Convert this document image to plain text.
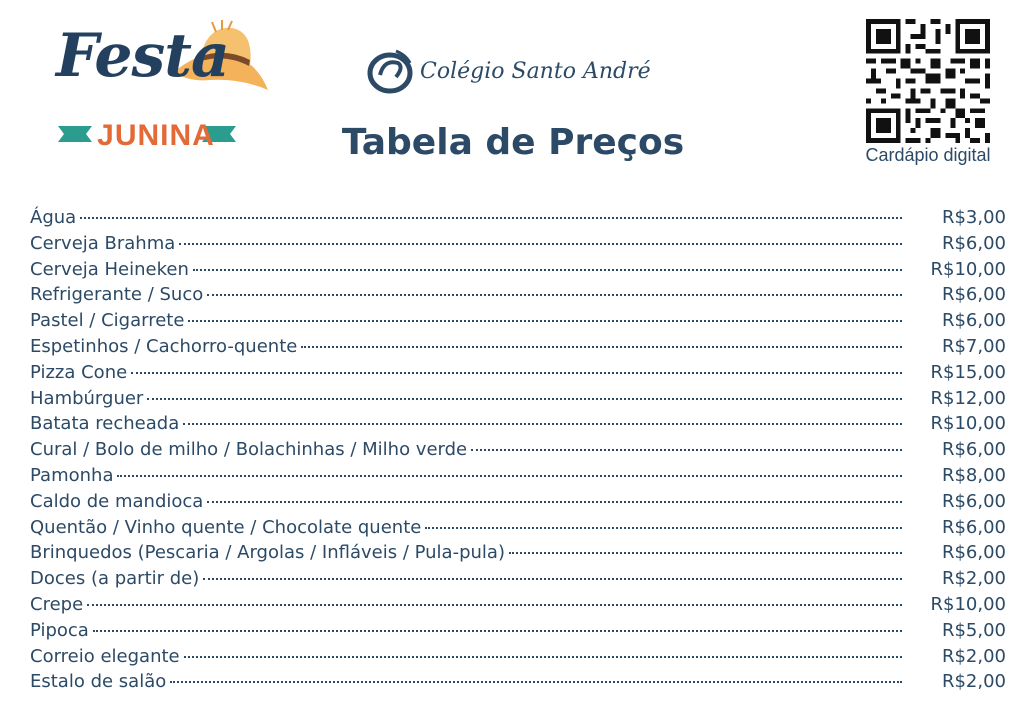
Festa
JUNINA
Colégio Santo André
Tabela de Preços	Cardápio digital
Água	R$3,00
Cerveja Brahma	R$6,00
Cerveja Heineken	R$10,00
Refrigerante / Suco	R$6,00
Pastel / Cigarrete	R$6,00
Espetinhos / Cachorro-quente	R$7,00
Pizza Cone	R$15,00
Hambúrguer	R$12,00
Batata recheada	R$10,00
Cural / Bolo de milho / Bolachinhas / Milho verde	R$6,00
Pamonha	R$8,00
Caldo de mandioca	R$6,00
Quentão / Vinho quente / Chocolate quente	R$6,00
Brinquedos (Pescaria / Argolas / Infláveis / Pula-pula)	R$6,00
Doces (a partir de)	R$2,00
Crepe	R$10,00
Pipoca	R$5,00
Correio elegante	R$2,00
Estalo de salão	R$2,00
